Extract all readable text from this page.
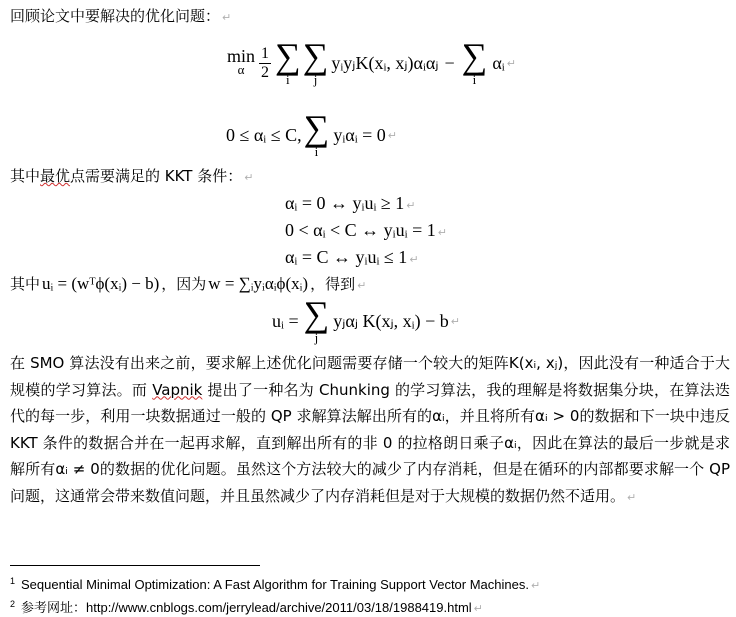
回顾论文中要解决的优化问题： ↵
min
α $\frac{1}{2}$ ∑
i
∑
j
yᵢyⱼK(xᵢ, xⱼ)αᵢαⱼ − ∑
i
αᵢ ↵
0 ≤ αᵢ ≤ C, ∑
i
yᵢαᵢ = 0 ↵
其中最优点需要满足的 KKT 条件： ↵
αᵢ = 0 ↔ yᵢuᵢ ≥ 1 ↵
0 < αᵢ < C ↔ yᵢuᵢ = 1 ↵
αᵢ = C ↔ yᵢuᵢ ≤ 1 ↵
其中 uᵢ = (wᵀϕ(xᵢ) − b) ，因为 w = ∑ᵢyᵢαᵢϕ(xᵢ) ，得到 ↵
uᵢ = ∑
j
yⱼαⱼ K(xⱼ, xᵢ) − b ↵
在 SMO 算法没有出来之前，要求解上述优化问题需要存储一个较大的矩阵K(xᵢ, xⱼ)，因此没有一种适合于大规模的学习算法。而 Vapnik 提出了一种名为 Chunking 的学习算法，我的理解是将数据集分块，在算法迭代的每一步，利用一块数据通过一般的 QP 求解算法解出所有的αᵢ，并且将所有αᵢ > 0的数据和下一块中违反 KKT 条件的数据合并在一起再求解，直到解出所有的非 0 的拉格朗日乘子αᵢ，因此在算法的最后一步就是求解所有αᵢ ≠ 0的数据的优化问题。虽然这个方法较大的减少了内存消耗，但是在循环的内部都要求解一个 QP 问题，这通常会带来数值问题，并且虽然减少了内存消耗但是对于大规模的数据仍然不适用。 ↵
$^1$ Sequential Minimal Optimization: A Fast Algorithm for Training Support Vector Machines. ↵
$^2$ 参考网址：http://www.cnblogs.com/jerrylead/archive/2011/03/18/1988419.html ↵
